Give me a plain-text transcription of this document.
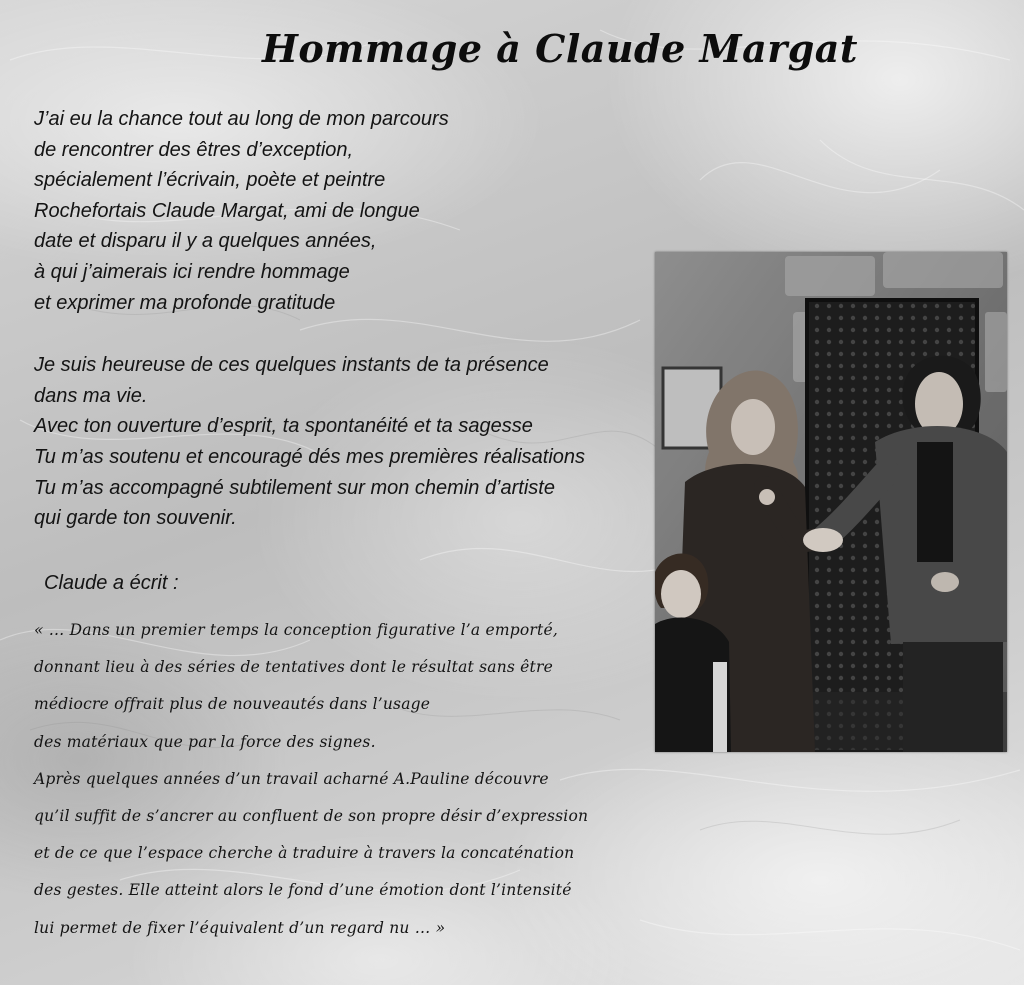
Hommage à Claude Margat

J’ai eu la chance tout au long de mon parcours

de rencontrer des êtres d’exception,

spécialement l’écrivain, poète et peintre

Rochefortais Claude Margat, ami de longue

date et disparu il y a quelques années,

à qui j’aimerais ici rendre hommage

et exprimer ma profonde gratitude

Je suis heureuse de ces quelques instants de ta présence

dans ma vie.

Avec ton ouverture d’esprit, ta spontanéité et ta sagesse

Tu m’as soutenu et encouragé dés mes premières réalisations

Tu m’as accompagné subtilement sur mon chemin d’artiste

qui garde ton souvenir.

Claude a écrit :

« … Dans un premier temps la conception figurative l’a emporté,

donnant lieu à des séries de tentatives dont le résultat sans être

médiocre offrait plus de nouveautés dans l’usage

des matériaux que par la force des signes.

Après quelques années d’un travail acharné A.Pauline découvre

qu’il suffit de s’ancrer au confluent de son propre désir d’expression

et de ce que l’espace cherche à traduire à travers la concaténation

des gestes. Elle atteint alors le fond d’une émotion dont l’intensité

lui permet de fixer l’équivalent d’un regard nu … »
